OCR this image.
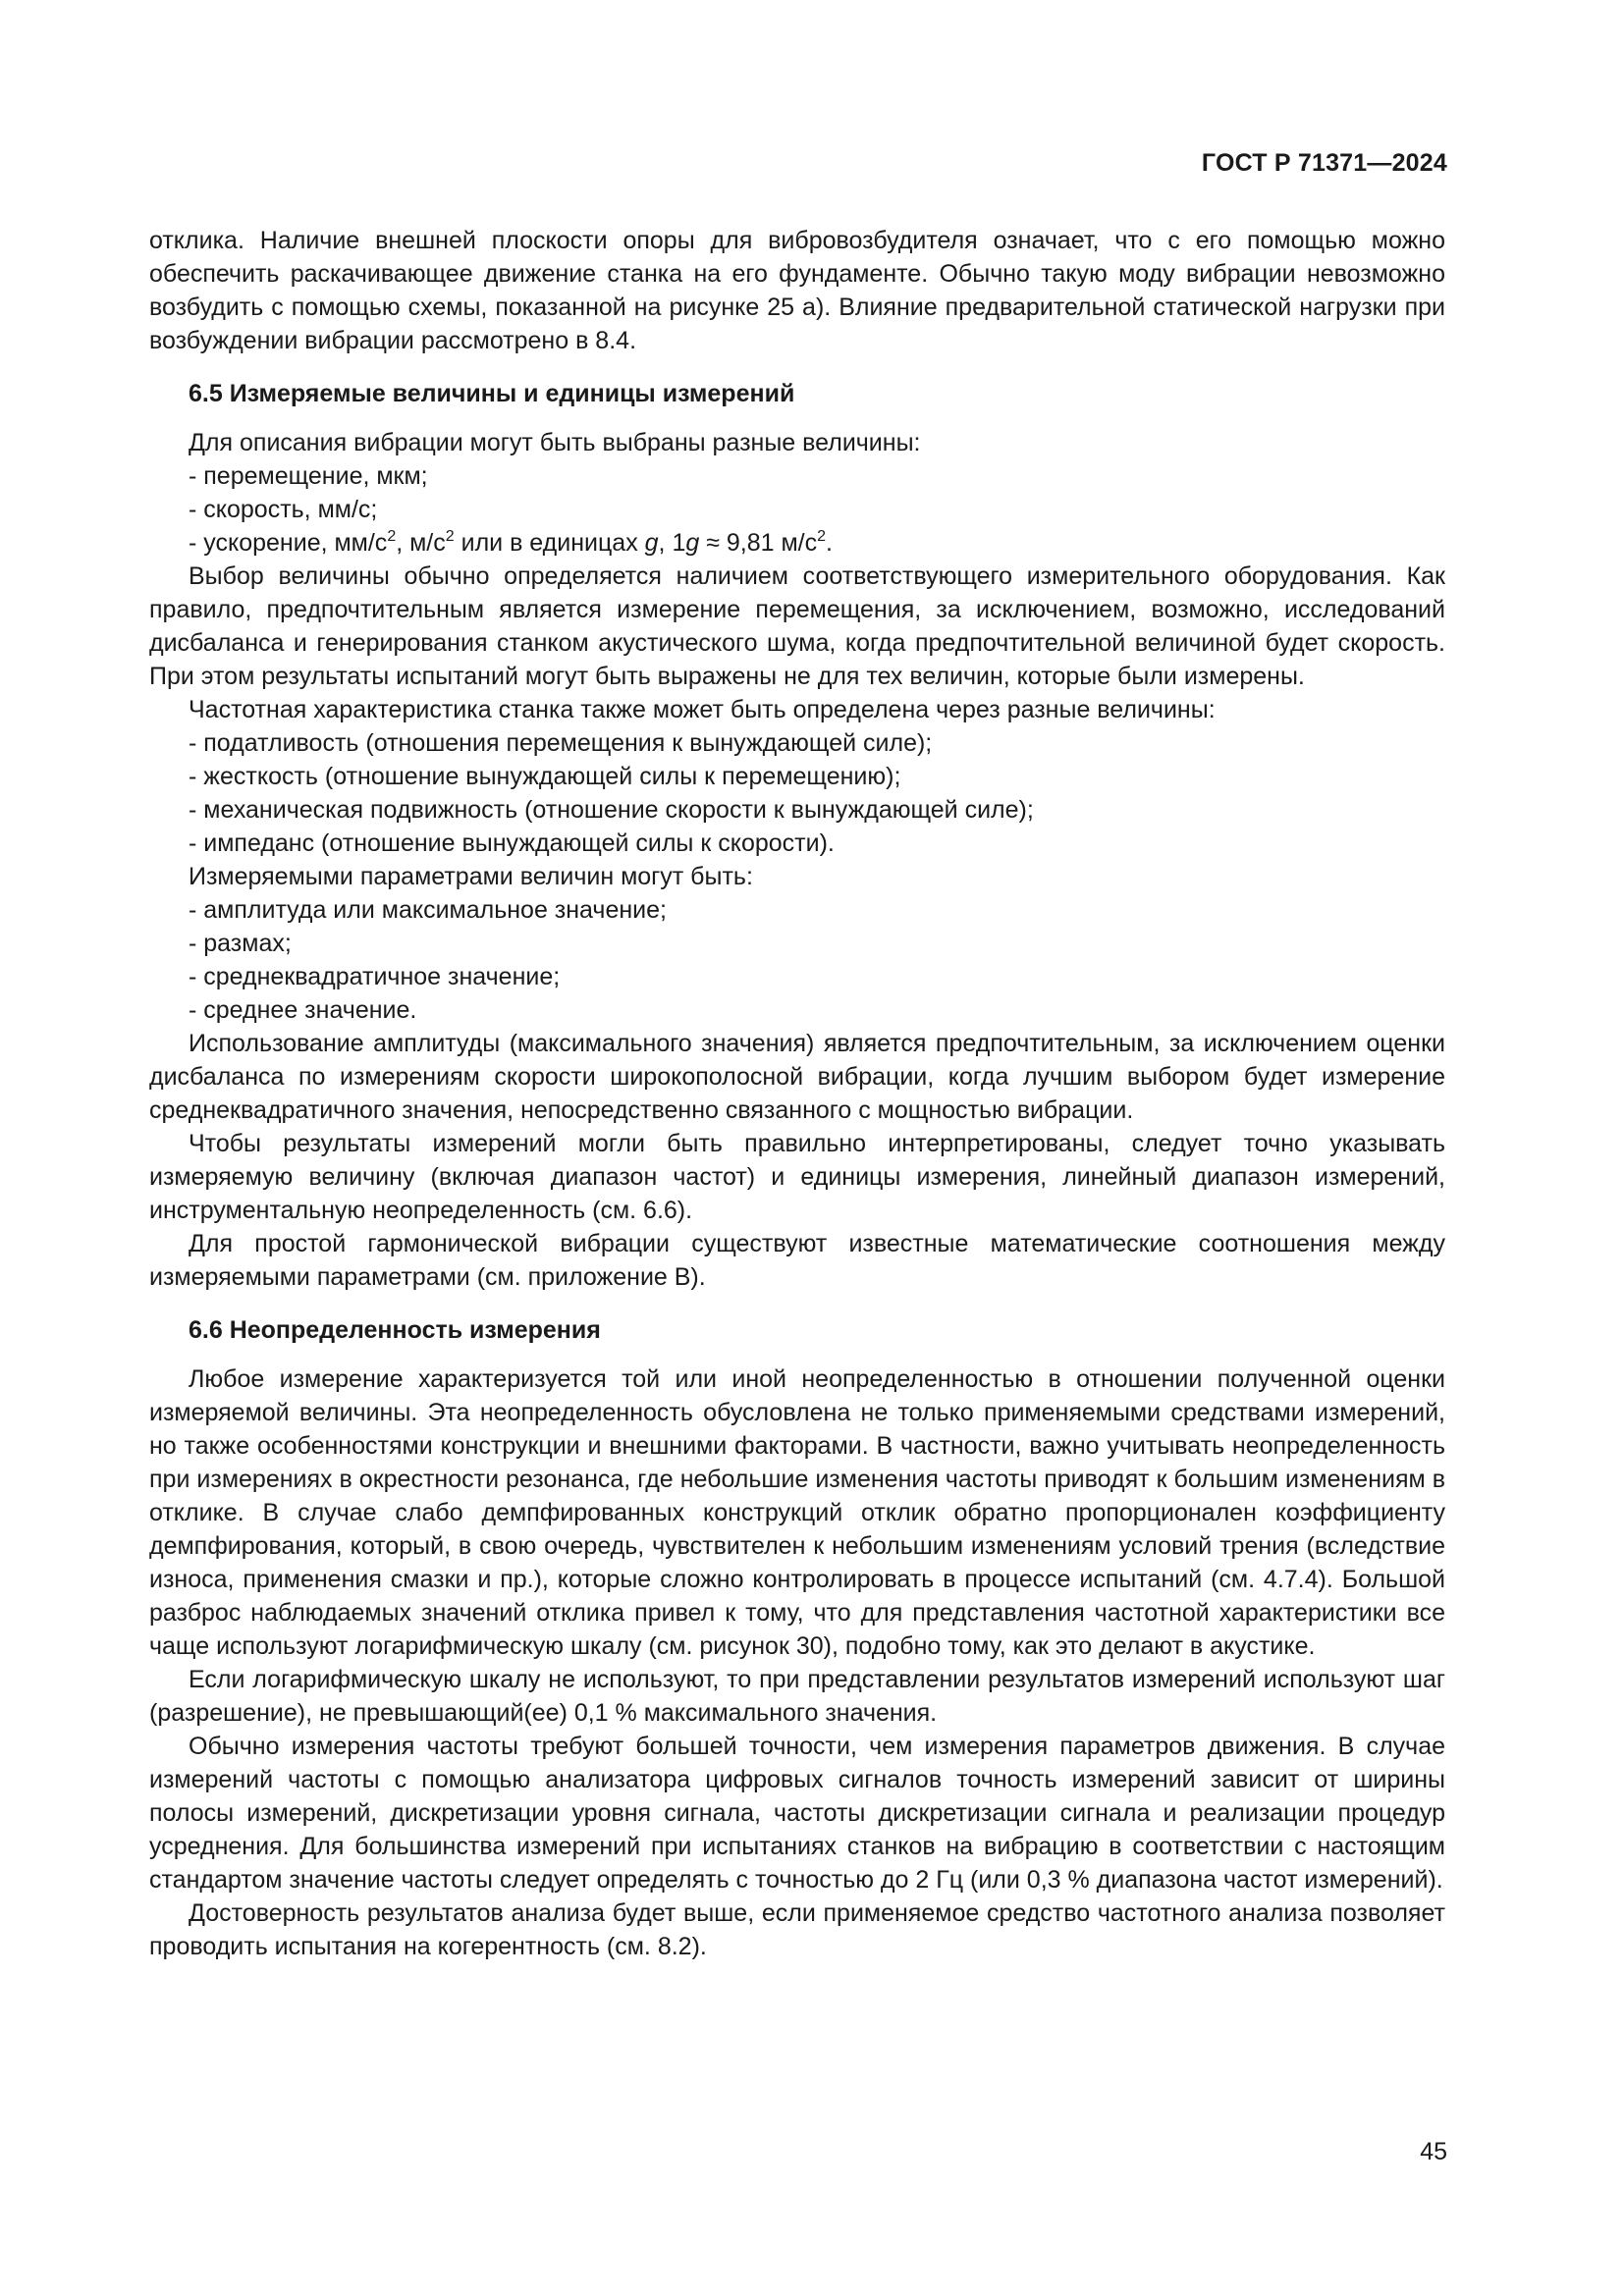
ГОСТ Р 71371—2024

отклика. Наличие внешней плоскости опоры для вибровозбудителя означает, что с его помощью можно обеспечить раскачивающее движение станка на его фундаменте. Обычно такую моду вибрации невозможно возбудить с помощью схемы, показанной на рисунке 25 а). Влияние предварительной статической нагрузки при возбуждении вибрации рассмотрено в 8.4.

6.5 Измеряемые величины и единицы измерений

Для описания вибрации могут быть выбраны разные величины:

- перемещение, мкм;
- скорость, мм/с;
- ускорение, $мм/с^2$, $м/с^2$ или в единицах g, 1g ≈ 9,81 $м/с^2$.

Выбор величины обычно определяется наличием соответствующего измерительного оборудования. Как правило, предпочтительным является измерение перемещения, за исключением, возможно, исследований дисбаланса и генерирования станком акустического шума, когда предпочтительной величиной будет скорость. При этом результаты испытаний могут быть выражены не для тех величин, которые были измерены.

Частотная характеристика станка также может быть определена через разные величины:

- податливость (отношения перемещения к вынуждающей силе);
- жесткость (отношение вынуждающей силы к перемещению);
- механическая подвижность (отношение скорости к вынуждающей силе);
- импеданс (отношение вынуждающей силы к скорости).

Измеряемыми параметрами величин могут быть:

- амплитуда или максимальное значение;
- размах;
- среднеквадратичное значение;
- среднее значение.

Использование амплитуды (максимального значения) является предпочтительным, за исключением оценки дисбаланса по измерениям скорости широкополосной вибрации, когда лучшим выбором будет измерение среднеквадратичного значения, непосредственно связанного с мощностью вибрации.

Чтобы результаты измерений могли быть правильно интерпретированы, следует точно указывать измеряемую величину (включая диапазон частот) и единицы измерения, линейный диапазон измерений, инструментальную неопределенность (см. 6.6).

Для простой гармонической вибрации существуют известные математические соотношения между измеряемыми параметрами (см. приложение В).

6.6 Неопределенность измерения

Любое измерение характеризуется той или иной неопределенностью в отношении полученной оценки измеряемой величины. Эта неопределенность обусловлена не только применяемыми средствами измерений, но также особенностями конструкции и внешними факторами. В частности, важно учитывать неопределенность при измерениях в окрестности резонанса, где небольшие изменения частоты приводят к большим изменениям в отклике. В случае слабо демпфированных конструкций отклик обратно пропорционален коэффициенту демпфирования, который, в свою очередь, чувствителен к небольшим изменениям условий трения (вследствие износа, применения смазки и пр.), которые сложно контролировать в процессе испытаний (см. 4.7.4). Большой разброс наблюдаемых значений отклика привел к тому, что для представления частотной характеристики все чаще используют логарифмическую шкалу (см. рисунок 30), подобно тому, как это делают в акустике.

Если логарифмическую шкалу не используют, то при представлении результатов измерений используют шаг (разрешение), не превышающий(ее) 0,1 % максимального значения.

Обычно измерения частоты требуют большей точности, чем измерения параметров движения. В случае измерений частоты с помощью анализатора цифровых сигналов точность измерений зависит от ширины полосы измерений, дискретизации уровня сигнала, частоты дискретизации сигнала и реализации процедур усреднения. Для большинства измерений при испытаниях станков на вибрацию в соответствии с настоящим стандартом значение частоты следует определять с точностью до 2 Гц (или 0,3 % диапазона частот измерений).

Достоверность результатов анализа будет выше, если применяемое средство частотного анализа позволяет проводить испытания на когерентность (см. 8.2).

45
